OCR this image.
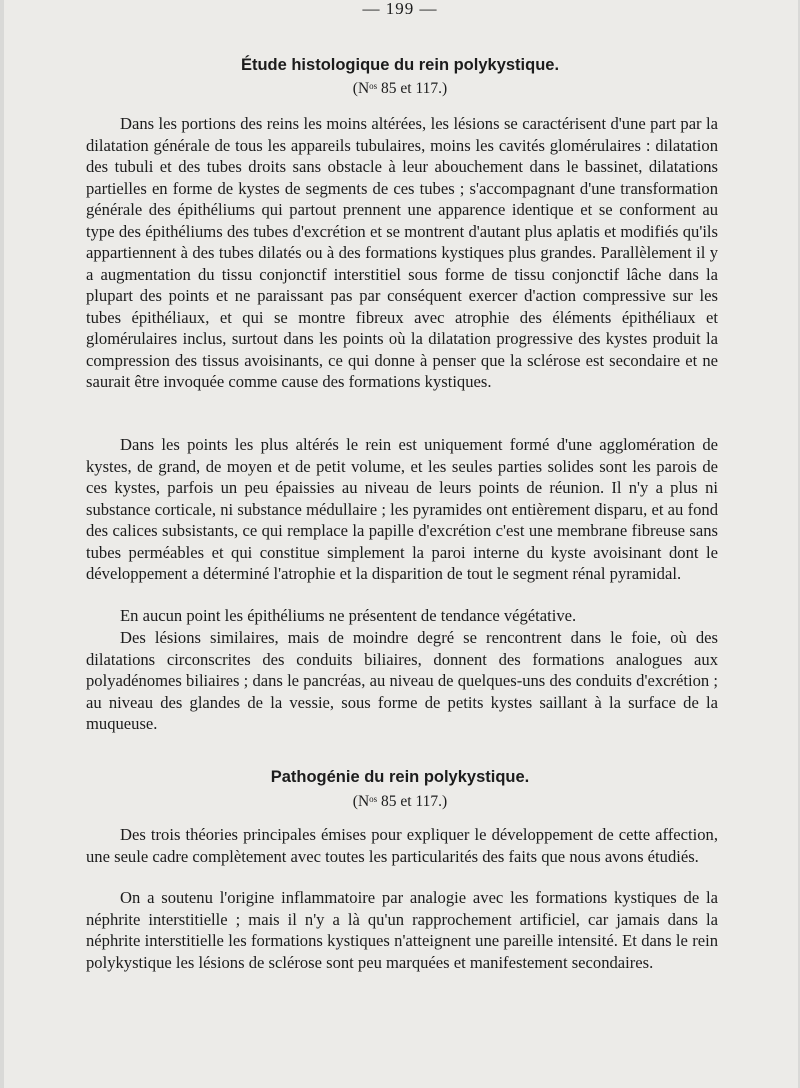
— 199 —
Étude histologique du rein polykystique.
($N^{os}$ 85 et 117.)

Dans les portions des reins les moins altérées, les lésions se caractérisent d'une part par la dilatation générale de tous les appareils tubulaires, moins les cavités glomérulaires : dilatation des tubuli et des tubes droits sans obstacle à leur abouchement dans le bassinet, dilatations partielles en forme de kystes de segments de ces tubes ; s'accompagnant d'une transformation générale des épithéliums qui partout prennent une apparence identique et se conforment au type des épithéliums des tubes d'excrétion et se montrent d'autant plus aplatis et modifiés qu'ils appartiennent à des tubes dilatés ou à des formations kystiques plus grandes. Parallèlement il y a augmentation du tissu conjonctif interstitiel sous forme de tissu conjonctif lâche dans la plupart des points et ne paraissant pas par conséquent exercer d'action compressive sur les tubes épithéliaux, et qui se montre fibreux avec atrophie des éléments épithéliaux et glomérulaires inclus, surtout dans les points où la dilatation progressive des kystes produit la compression des tissus avoisinants, ce qui donne à penser que la sclérose est secondaire et ne saurait être invoquée comme cause des formations kystiques.

Dans les points les plus altérés le rein est uniquement formé d'une agglomération de kystes, de grand, de moyen et de petit volume, et les seules parties solides sont les parois de ces kystes, parfois un peu épaissies au niveau de leurs points de réunion. Il n'y a plus ni substance corticale, ni substance médullaire ; les pyramides ont entièrement disparu, et au fond des calices subsistants, ce qui remplace la papille d'excrétion c'est une membrane fibreuse sans tubes perméables et qui constitue simplement la paroi interne du kyste avoisinant dont le développement a déterminé l'atrophie et la disparition de tout le segment rénal pyramidal.

En aucun point les épithéliums ne présentent de tendance végétative.

Des lésions similaires, mais de moindre degré se rencontrent dans le foie, où des dilatations circonscrites des conduits biliaires, donnent des formations analogues aux polyadénomes biliaires ; dans le pancréas, au niveau de quelques-uns des conduits d'excrétion ; au niveau des glandes de la vessie, sous forme de petits kystes saillant à la surface de la muqueuse.

Pathogénie du rein polykystique.
($N^{os}$ 85 et 117.)

Des trois théories principales émises pour expliquer le développement de cette affection, une seule cadre complètement avec toutes les particularités des faits que nous avons étudiés.

On a soutenu l'origine inflammatoire par analogie avec les formations kystiques de la néphrite interstitielle ; mais il n'y a là qu'un rapprochement artificiel, car jamais dans la néphrite interstitielle les formations kystiques n'atteignent une pareille intensité. Et dans le rein polykystique les lésions de sclérose sont peu marquées et manifestement secondaires.
